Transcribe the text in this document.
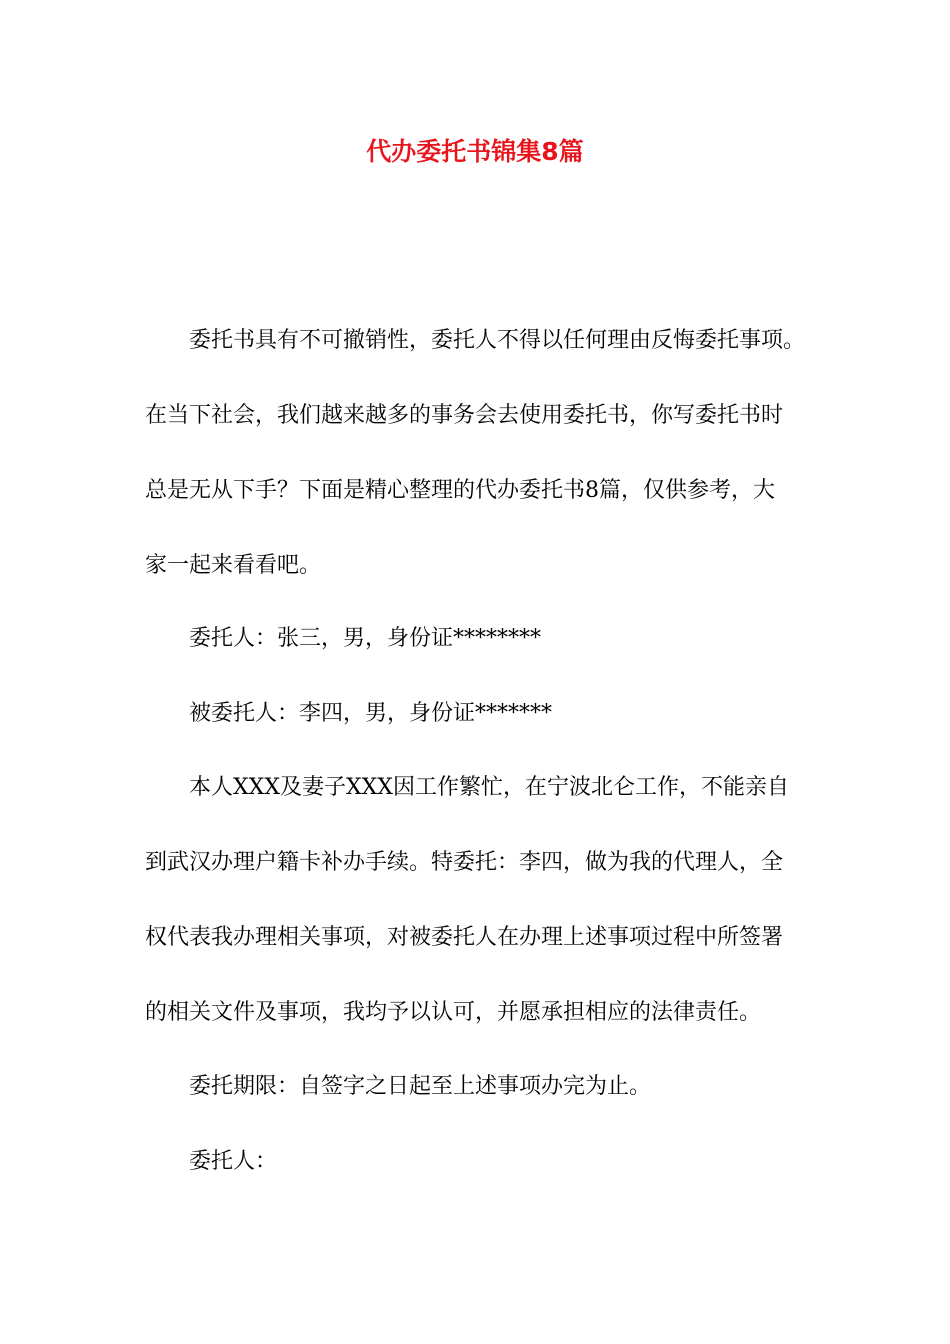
代办委托书锦集8篇
委托书具有不可撤销性，委托人不得以任何理由反悔委托事项。
在当下社会，我们越来越多的事务会去使用委托书，你写委托书时
总是无从下手？下面是精心整理的代办委托书8篇，仅供参考，大
家一起来看看吧。
委托人：张三，男，身份证********
被委托人：李四，男，身份证*******
本人XXX及妻子XXX因工作繁忙，在宁波北仑工作，不能亲自
到武汉办理户籍卡补办手续。特委托：李四，做为我的代理人，全
权代表我办理相关事项，对被委托人在办理上述事项过程中所签署
的相关文件及事项，我均予以认可，并愿承担相应的法律责任。
委托期限：自签字之日起至上述事项办完为止。
委托人：
